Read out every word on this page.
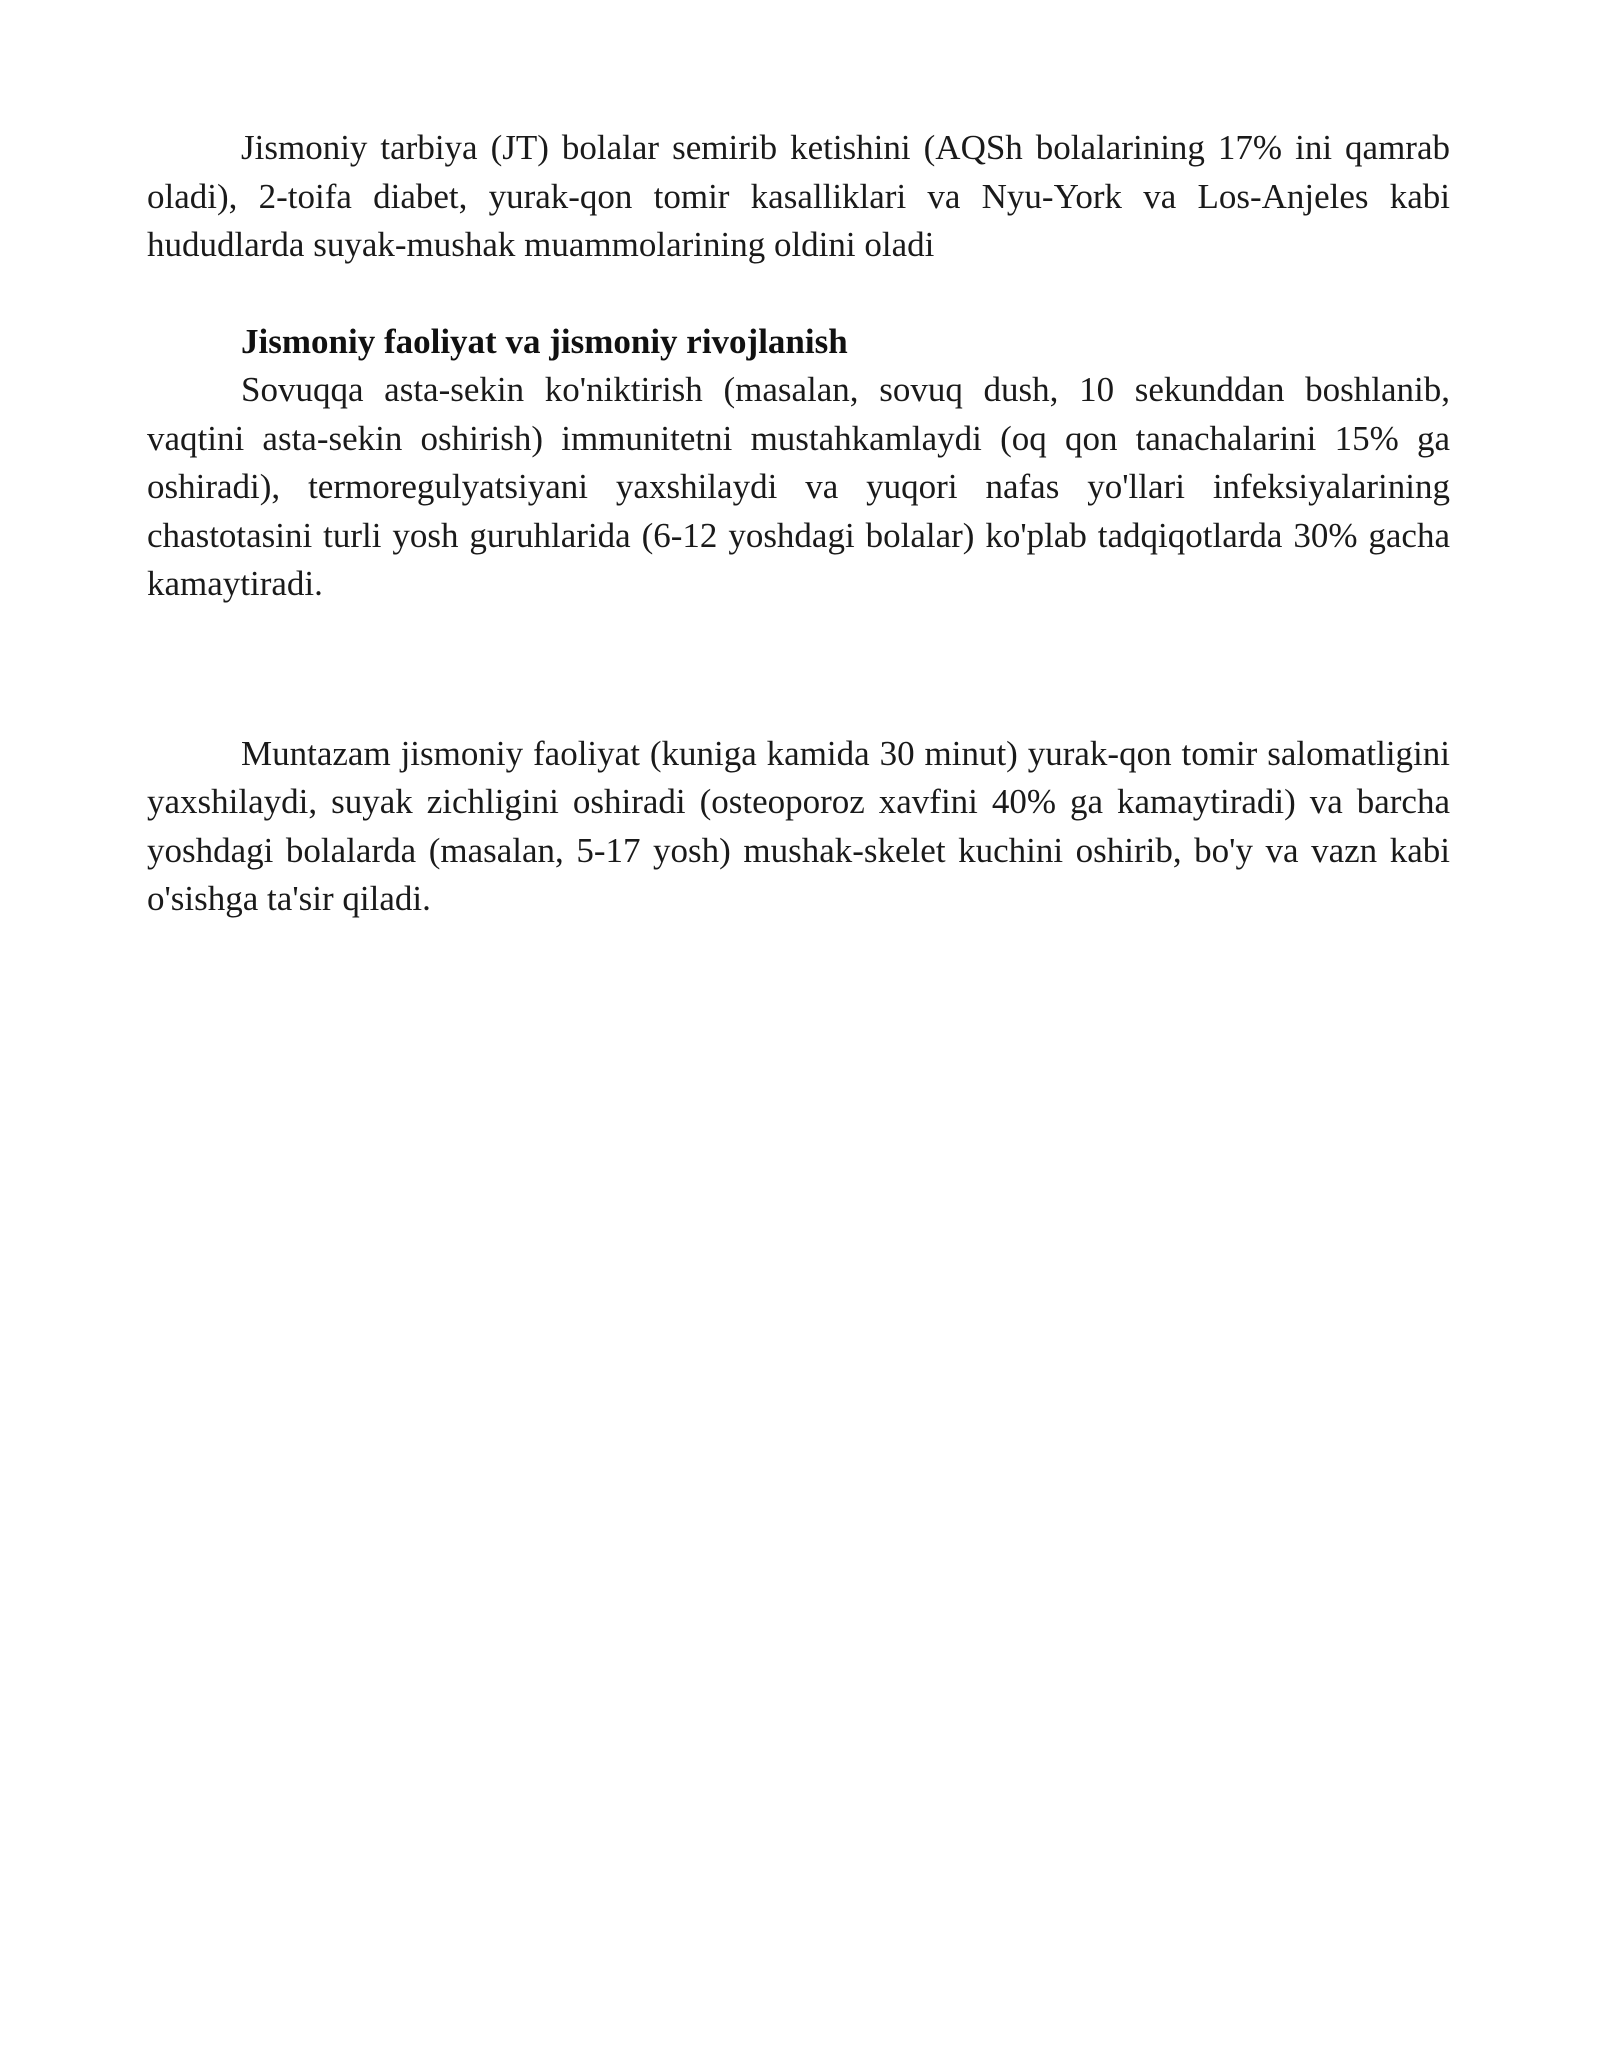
Jismoniy tarbiya (JT) bolalar semirib ketishini (AQSh bolalarining 17% ini qamrab oladi), 2-toifa diabet, yurak-qon tomir kasalliklari va Nyu-York va Los-Anjeles kabi hududlarda suyak-mushak muammolarining oldini oladi

Jismoniy faoliyat va jismoniy rivojlanish

Sovuqqa asta-sekin ko'niktirish (masalan, sovuq dush, 10 sekunddan boshlanib, vaqtini asta-sekin oshirish) immunitetni mustahkamlaydi (oq qon tanachalarini 15% ga oshiradi), termoregulyatsiyani yaxshilaydi va yuqori nafas yo'llari infeksiyalarining chastotasini turli yosh guruhlarida (6-12 yoshdagi bolalar) ko'plab tadqiqotlarda 30% gacha kamaytiradi.

Muntazam jismoniy faoliyat (kuniga kamida 30 minut) yurak-qon tomir salomatligini yaxshilaydi, suyak zichligini oshiradi (osteoporoz xavfini 40% ga kamaytiradi) va barcha yoshdagi bolalarda (masalan, 5-17 yosh) mushak-skelet kuchini oshirib, bo'y va vazn kabi o'sishga ta'sir qiladi.
